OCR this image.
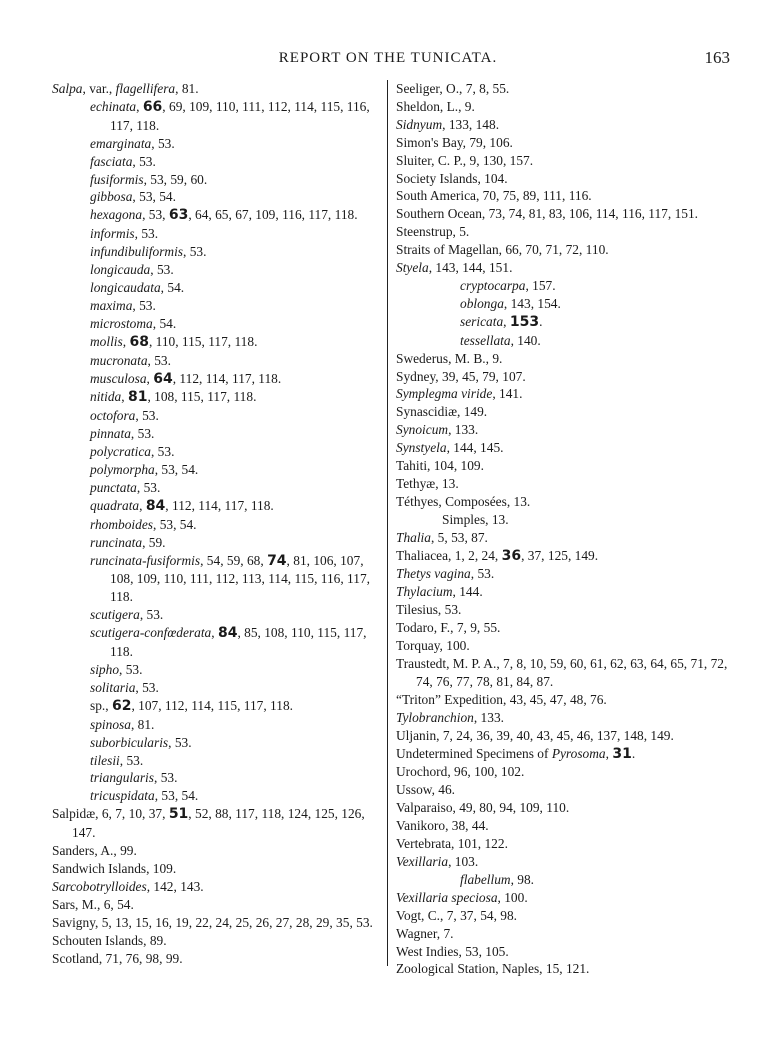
REPORT ON THE TUNICATA.	163
Salpa, var., flagellifera, 81.
echinata, 66, 69, 109, 110, 111, 112, 114, 115, 116, 117, 118.
emarginata, 53.
fasciata, 53.
fusiformis, 53, 59, 60.
gibbosa, 53, 54.
hexagona, 53, 63, 64, 65, 67, 109, 116, 117, 118.
informis, 53.
infundibuliformis, 53.
longicauda, 53.
longicaudata, 54.
maxima, 53.
microstoma, 54.
mollis, 68, 110, 115, 117, 118.
mucronata, 53.
musculosa, 64, 112, 114, 117, 118.
nitida, 81, 108, 115, 117, 118.
octofora, 53.
pinnata, 53.
polycratica, 53.
polymorpha, 53, 54.
punctata, 53.
quadrata, 84, 112, 114, 117, 118.
rhomboides, 53, 54.
runcinata, 59.
runcinata-fusiformis, 54, 59, 68, 74, 81, 106, 107, 108, 109, 110, 111, 112, 113, 114, 115, 116, 117, 118.
scutigera, 53.
scutigera-confœderata, 84, 85, 108, 110, 115, 117, 118.
sipho, 53.
solitaria, 53.
sp., 62, 107, 112, 114, 115, 117, 118.
spinosa, 81.
suborbicularis, 53.
tilesii, 53.
triangularis, 53.
tricuspidata, 53, 54.
Salpidæ, 6, 7, 10, 37, 51, 52, 88, 117, 118, 124, 125, 126, 147.
Sanders, A., 99.
Sandwich Islands, 109.
Sarcobotrylloides, 142, 143.
Sars, M., 6, 54.
Savigny, 5, 13, 15, 16, 19, 22, 24, 25, 26, 27, 28, 29, 35, 53.
Schouten Islands, 89.
Scotland, 71, 76, 98, 99.
Seeliger, O., 7, 8, 55.
Sheldon, L., 9.
Sidnyum, 133, 148.
Simon's Bay, 79, 106.
Sluiter, C. P., 9, 130, 157.
Society Islands, 104.
South America, 70, 75, 89, 111, 116.
Southern Ocean, 73, 74, 81, 83, 106, 114, 116, 117, 151.
Steenstrup, 5.
Straits of Magellan, 66, 70, 71, 72, 110.
Styela, 143, 144, 151.
cryptocarpa, 157.
oblonga, 143, 154.
sericata, 153.
tessellata, 140.
Swederus, M. B., 9.
Sydney, 39, 45, 79, 107.
Symplegma viride, 141.
Synascidiæ, 149.
Synoicum, 133.
Synstyela, 144, 145.
Tahiti, 104, 109.
Tethyæ, 13.
Téthyes, Composées, 13.
Simples, 13.
Thalia, 5, 53, 87.
Thaliacea, 1, 2, 24, 36, 37, 125, 149.
Thetys vagina, 53.
Thylacium, 144.
Tilesius, 53.
Todaro, F., 7, 9, 55.
Torquay, 100.
Traustedt, M. P. A., 7, 8, 10, 59, 60, 61, 62, 63, 64, 65, 71, 72, 74, 76, 77, 78, 81, 84, 87.
“Triton” Expedition, 43, 45, 47, 48, 76.
Tylobranchion, 133.
Uljanin, 7, 24, 36, 39, 40, 43, 45, 46, 137, 148, 149.
Undetermined Specimens of Pyrosoma, 31.
Urochord, 96, 100, 102.
Ussow, 46.
Valparaiso, 49, 80, 94, 109, 110.
Vanikoro, 38, 44.
Vertebrata, 101, 122.
Vexillaria, 103.
flabellum, 98.
Vexillaria speciosa, 100.
Vogt, C., 7, 37, 54, 98.
Wagner, 7.
West Indies, 53, 105.
Zoological Station, Naples, 15, 121.
